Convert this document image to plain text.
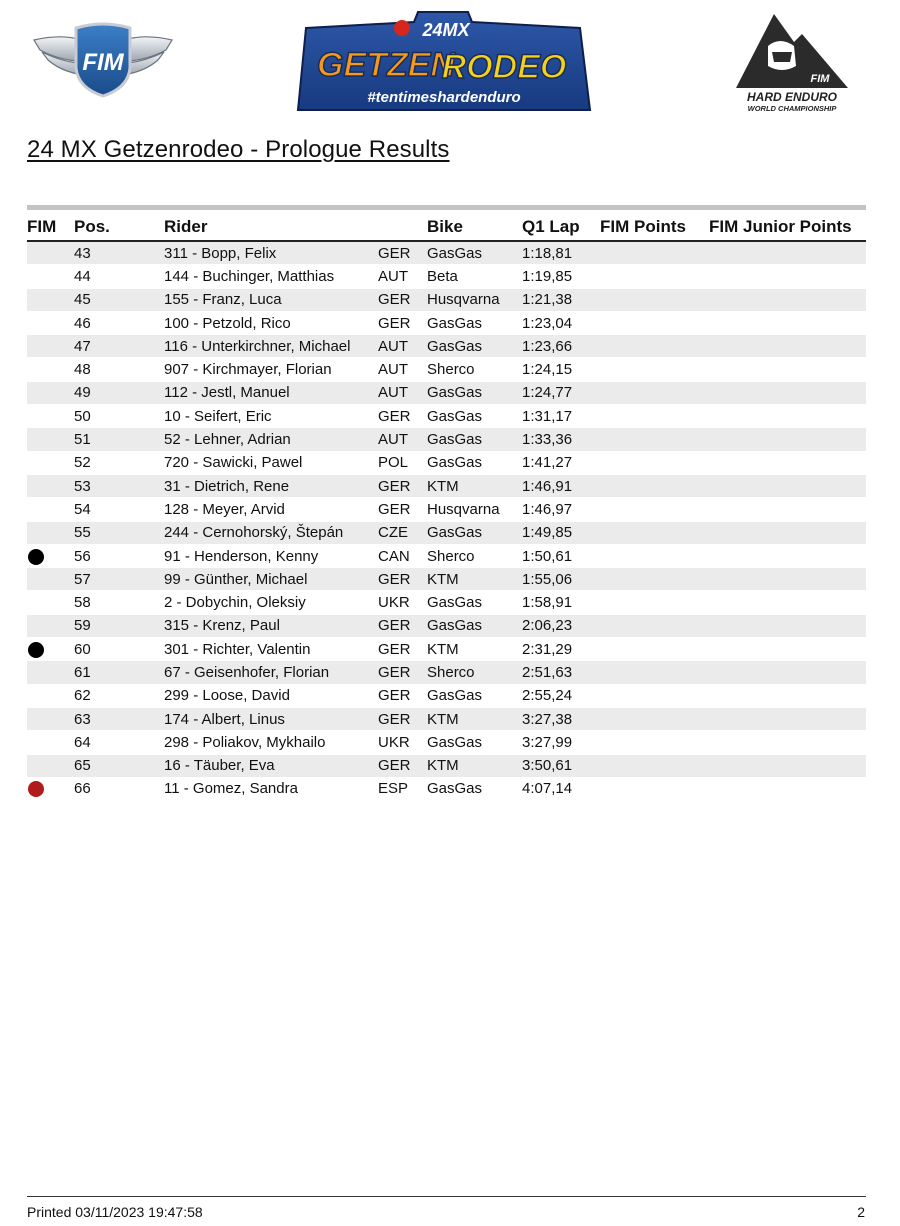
FIM
24MX
GETZEN
RODEO
#tentimeshardenduro
FIM
HARD ENDURO
WORLD CHAMPIONSHIP
24 MX Getzenrodeo - Prologue Results
FIM	Pos.	Rider		Bike	Q1 Lap	FIM Points	FIM Junior Points
	43	311 - Bopp, Felix	GER	GasGas	1:18,81		
	44	144 - Buchinger, Matthias	AUT	Beta	1:19,85		
	45	155 - Franz, Luca	GER	Husqvarna	1:21,38		
	46	100 - Petzold, Rico	GER	GasGas	1:23,04		
	47	116 - Unterkirchner, Michael	AUT	GasGas	1:23,66		
	48	907 - Kirchmayer, Florian	AUT	Sherco	1:24,15		
	49	112 - Jestl, Manuel	AUT	GasGas	1:24,77		
	50	10 - Seifert, Eric	GER	GasGas	1:31,17		
	51	52 - Lehner, Adrian	AUT	GasGas	1:33,36		
	52	720 - Sawicki, Pawel	POL	GasGas	1:41,27		
	53	31 - Dietrich, Rene	GER	KTM	1:46,91		
	54	128 - Meyer, Arvid	GER	Husqvarna	1:46,97		
	55	244 - Cernohorský, Štepán	CZE	GasGas	1:49,85		
	56	91 - Henderson, Kenny	CAN	Sherco	1:50,61		
	57	99 - Günther, Michael	GER	KTM	1:55,06		
	58	2 - Dobychin, Oleksiy	UKR	GasGas	1:58,91		
	59	315 - Krenz, Paul	GER	GasGas	2:06,23		
	60	301 - Richter, Valentin	GER	KTM	2:31,29		
	61	67 - Geisenhofer, Florian	GER	Sherco	2:51,63		
	62	299 - Loose, David	GER	GasGas	2:55,24		
	63	174 - Albert, Linus	GER	KTM	3:27,38		
	64	298 - Poliakov, Mykhailo	UKR	GasGas	3:27,99		
	65	16 - Täuber, Eva	GER	KTM	3:50,61		
	66	11 - Gomez, Sandra	ESP	GasGas	4:07,14		
Printed 03/11/2023 19:47:58	2
